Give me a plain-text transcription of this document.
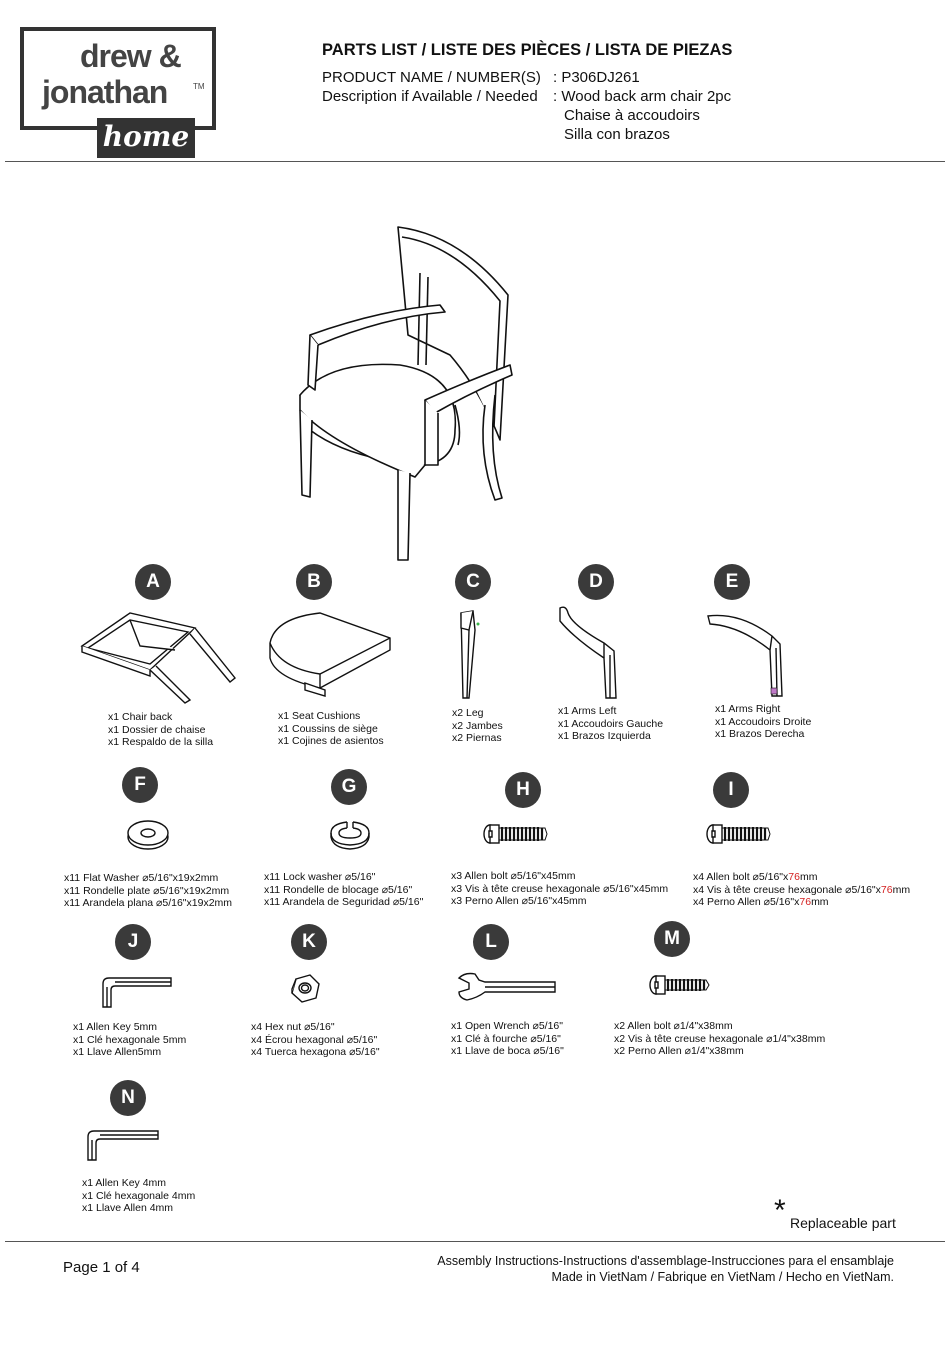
drew &
jonathan	TM
home
PARTS LIST / LISTE DES PIÈCES / LISTA DE PIEZAS
PRODUCT NAME / NUMBER(S) : P306DJ261
Description if Available / Needed : Wood back arm chair 2pc
Chaise à accoudoirs
Silla con brazos
A
x1 Chair back
x1 Dossier de chaise
x1 Respaldo de la silla
B
x1 Seat Cushions
x1 Coussins de siège
x1 Cojines de asientos
C
x2 Leg
x2 Jambes
x2 Piernas
D
x1 Arms Left
x1 Accoudoirs Gauche
x1 Brazos Izquierda
E
x1 Arms Right
x1 Accoudoirs Droite
x1 Brazos Derecha
F
x11 Flat Washer ⌀5/16"x19x2mm
x11 Rondelle plate ⌀5/16"x19x2mm
x11 Arandela plana ⌀5/16"x19x2mm
G
x11 Lock washer ⌀5/16"
x11 Rondelle de blocage ⌀5/16"
x11 Arandela de Seguridad ⌀5/16"
H
x3 Allen bolt ⌀5/16"x45mm
x3 Vis à tête creuse hexagonale ⌀5/16"x45mm
x3 Perno Allen ⌀5/16"x45mm
I
x4 Allen bolt ⌀5/16"x76mm
x4 Vis à tête creuse hexagonale ⌀5/16"x76mm
x4 Perno Allen ⌀5/16"x76mm
J
x1 Allen Key 5mm
x1 Clé hexagonale 5mm
x1 Llave Allen5mm
K
x4 Hex nut ⌀5/16"
x4 Écrou hexagonal ⌀5/16"
x4 Tuerca hexagona ⌀5/16"
L
x1 Open Wrench ⌀5/16"
x1 Clé à fourche ⌀5/16"
x1 Llave de boca ⌀5/16"
M
x2 Allen bolt ⌀1/4"x38mm
x2 Vis à tête creuse hexagonale ⌀1/4"x38mm
x2 Perno Allen ⌀1/4"x38mm
N
x1 Allen Key 4mm
x1 Clé hexagonale 4mm
x1 Llave Allen 4mm	* Replaceable part
Page 1 of 4	Assembly Instructions-Instructions d'assemblage-Instrucciones para el ensamblaje
Made in VietNam / Fabrique en VietNam / Hecho en VietNam.
